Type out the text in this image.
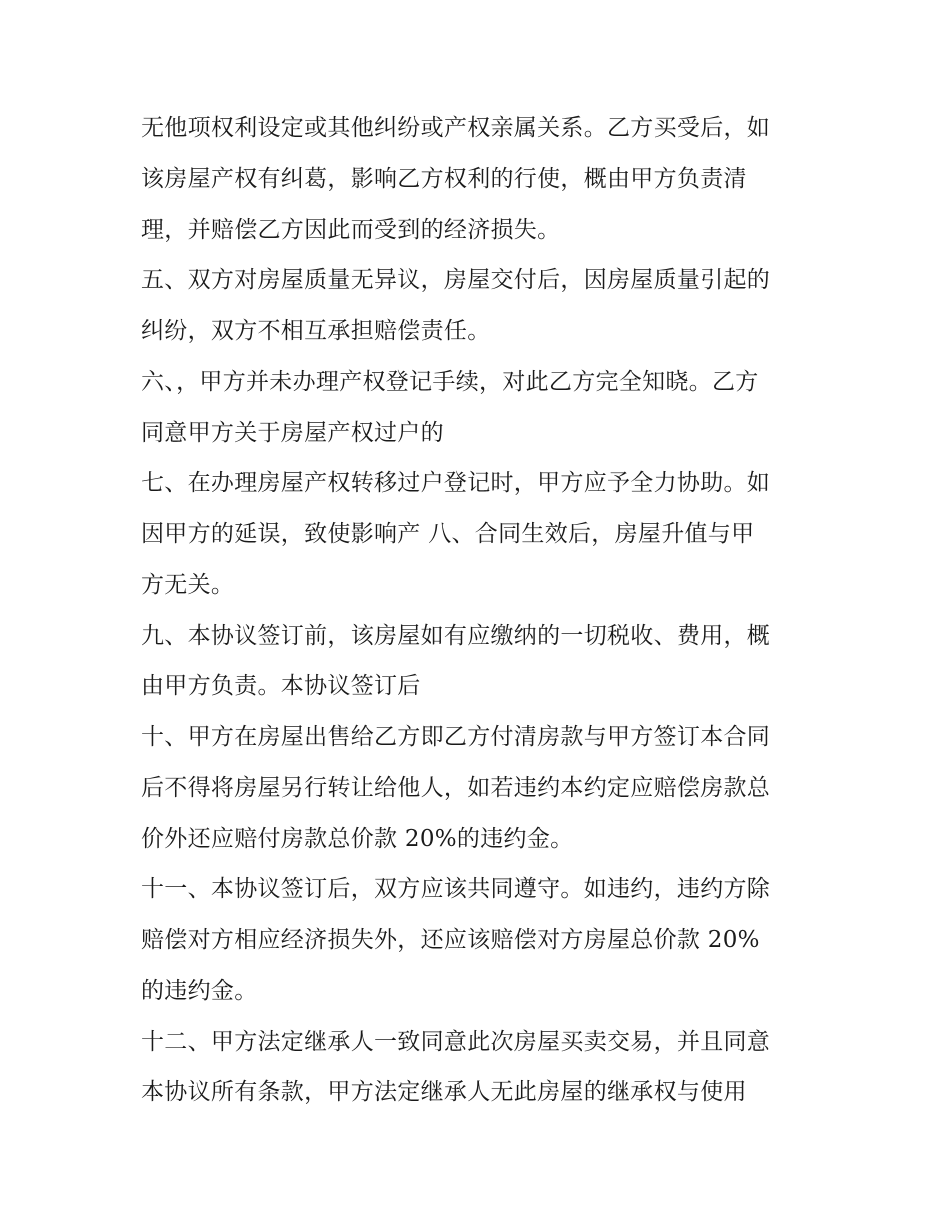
无他项权利设定或其他纠纷或产权亲属关系。乙方买受后，如
该房屋产权有纠葛，影响乙方权利的行使，概由甲方负责清
理，并赔偿乙方因此而受到的经济损失。
五、双方对房屋质量无异议，房屋交付后，因房屋质量引起的
纠纷，双方不相互承担赔偿责任。
六、，甲方并未办理产权登记手续，对此乙方完全知晓。乙方
同意甲方关于房屋产权过户的
七、在办理房屋产权转移过户登记时，甲方应予全力协助。如
因甲方的延误，致使影响产 八、合同生效后，房屋升值与甲
方无关。
九、本协议签订前，该房屋如有应缴纳的一切税收、费用，概
由甲方负责。本协议签订后
十、甲方在房屋出售给乙方即乙方付清房款与甲方签订本合同
后不得将房屋另行转让给他人，如若违约本约定应赔偿房款总
价外还应赔付房款总价款 20%的违约金。
十一、本协议签订后，双方应该共同遵守。如违约，违约方除
赔偿对方相应经济损失外，还应该赔偿对方房屋总价款 20%
的违约金。
十二、甲方法定继承人一致同意此次房屋买卖交易，并且同意
本协议所有条款，甲方法定继承人无此房屋的继承权与使用
